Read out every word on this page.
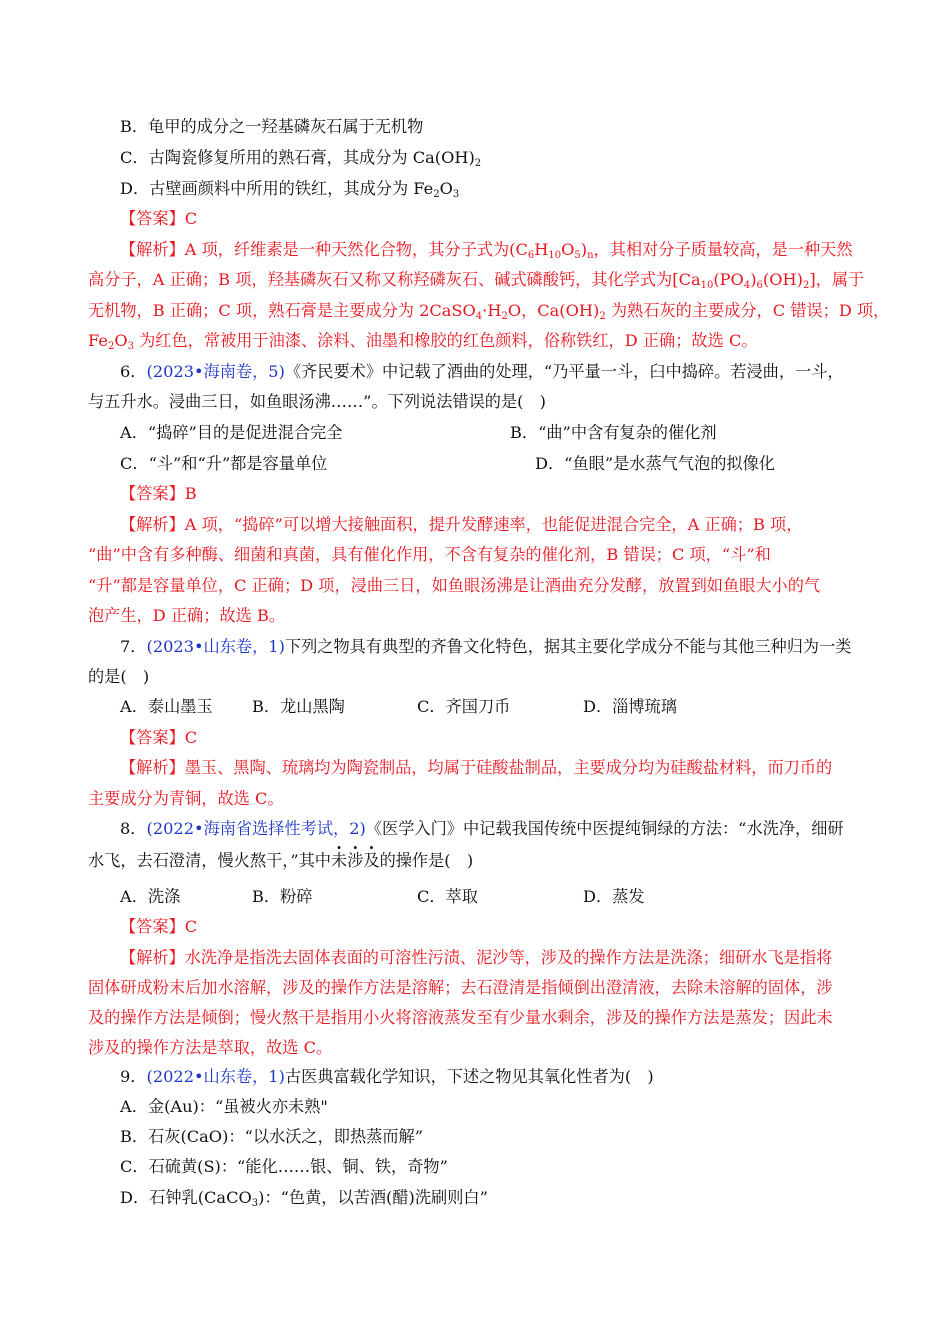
B．龟甲的成分之一羟基磷灰石属于无机物
C．古陶瓷修复所用的熟石膏，其成分为 $Ca(OH)_2$
D．古壁画颜料中所用的铁红，其成分为 $Fe_2O_3$
【答案】C
【解析】A 项，纤维素是一种天然化合物，其分子式为$(C_6H_{10}O_5)_n$，其相对分子质量较高，是一种天然
高分子，A 正确；B 项，羟基磷灰石又称又称羟磷灰石、碱式磷酸钙，其化学式为$[Ca_{10}(PO_4)_6(OH)_2]$，属于
无机物，B 正确；C 项，熟石膏是主要成分为 $2CaSO_4\cdot H_2O$，$Ca(OH)_2$ 为熟石灰的主要成分，C 错误；D 项，
$Fe_2O_3$ 为红色，常被用于油漆、涂料、油墨和橡胶的红色颜料，俗称铁红，D 正确；故选 C。
6．(2023•海南卷，5)《齐民要术》中记载了酒曲的处理，“乃平量一斗，臼中捣碎。若浸曲，一斗，
与五升水。浸曲三日，如鱼眼汤沸……”。下列说法错误的是(　)
A．“捣碎”目的是促进混合完全	B．“曲”中含有复杂的催化剂
C．“斗”和“升”都是容量单位	D．“鱼眼”是水蒸气气泡的拟像化
【答案】B
【解析】A 项，“捣碎”可以增大接触面积，提升发酵速率，也能促进混合完全，A 正确；B 项，
“曲”中含有多种酶、细菌和真菌，具有催化作用，不含有复杂的催化剂，B 错误；C 项，“斗”和
“升”都是容量单位，C 正确；D 项，浸曲三日，如鱼眼汤沸是让酒曲充分发酵，放置到如鱼眼大小的气
泡产生，D 正确；故选 B。
7．(2023•山东卷，1)下列之物具有典型的齐鲁文化特色，据其主要化学成分不能与其他三种归为一类
的是(　)
A．泰山墨玉 B．龙山黑陶	C．齐国刀币	D．淄博琉璃
【答案】C
【解析】墨玉、黑陶、琉璃均为陶瓷制品，均属于硅酸盐制品，主要成分均为硅酸盐材料，而刀币的
主要成分为青铜，故选 C。
8．(2022•海南省选择性考试，2)《医学入门》中记载我国传统中医提纯铜绿的方法：“水洗净，细研
水飞，去石澄清，慢火熬干，”其中未涉及的操作是(　)
A．洗涤	B．粉碎	C．萃取	D．蒸发
【答案】C
【解析】水洗净是指洗去固体表面的可溶性污渍、泥沙等，涉及的操作方法是洗涤；细研水飞是指将
固体研成粉末后加水溶解，涉及的操作方法是溶解；去石澄清是指倾倒出澄清液，去除未溶解的固体，涉
及的操作方法是倾倒；慢火熬干是指用小火将溶液蒸发至有少量水剩余，涉及的操作方法是蒸发；因此未
涉及的操作方法是萃取，故选 C。
9．(2022•山东卷，1)古医典富载化学知识，下述之物见其氧化性者为(　)
A．金(Au)：“虽被火亦未熟"
B．石灰(CaO)：“以水沃之，即热蒸而解”
C．石硫黄(S)：“能化……银、铜、铁，奇物”
D．石钟乳(CaCO$_3$)：“色黄，以苦酒(醋)洗刷则白”
